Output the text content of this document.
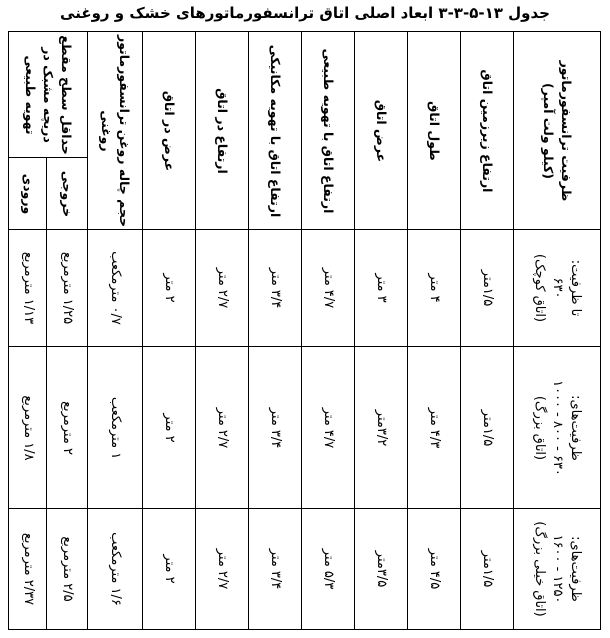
جدول ۱۳-۵-۳-۳ ابعاد اصلی اتاق ترانسفورماتورهای خشک و روغنی
ظرفیت ترانسفورماتور
(کیلو ولت آمپر)	ارتفاع زیرزمین اتاق	طول اتاق	عرض اتاق	ارتفاع اتاق با تهویه طبیعی	ارتفاع اتاق با تهویه مکانیکی	ارتفاع در اتاق	عرض در اتاق	حجم چاله روغن ترانسفورماتور
روغنی	حداقل سطح مقطع
دریچه مشبک در
تهویه طبیعی	

									خروجی	ورودی

تا ظرفیت:
۶۳۰
(اتاق کوچک)	۱/۵متر	۴ متر	۳ متر	۴/۷ متر	۳/۴ متر	۲/۷ متر	۲ متر	۰/۷ مترمکعب	۱/۲۵ مترمربع	۱/۱۳ مترمربع

ظرفیت‌های:
۶۳۰ - ۸۰۰ - ۱۰۰۰
(اتاق بزرگ)	۱/۵متر	۴/۳ متر	۳/۲متر	۴/۷ متر	۳/۴ متر	۲/۷ متر	۲ متر	۱ مترمکعب	۲ مترمربع	۱/۸ مترمربع

ظرفیت‌های:
۱۲۵۰ - ۱۶۰۰
(اتاق خیلی بزرگ)	۱/۵متر	۴/۵ متر	۳/۵متر	۵/۳ متر	۳/۴ متر	۲/۷ متر	۲ متر	۱/۶ مترمکعب	۲/۵ مترمربع	۲/۳۷ مترمربع
